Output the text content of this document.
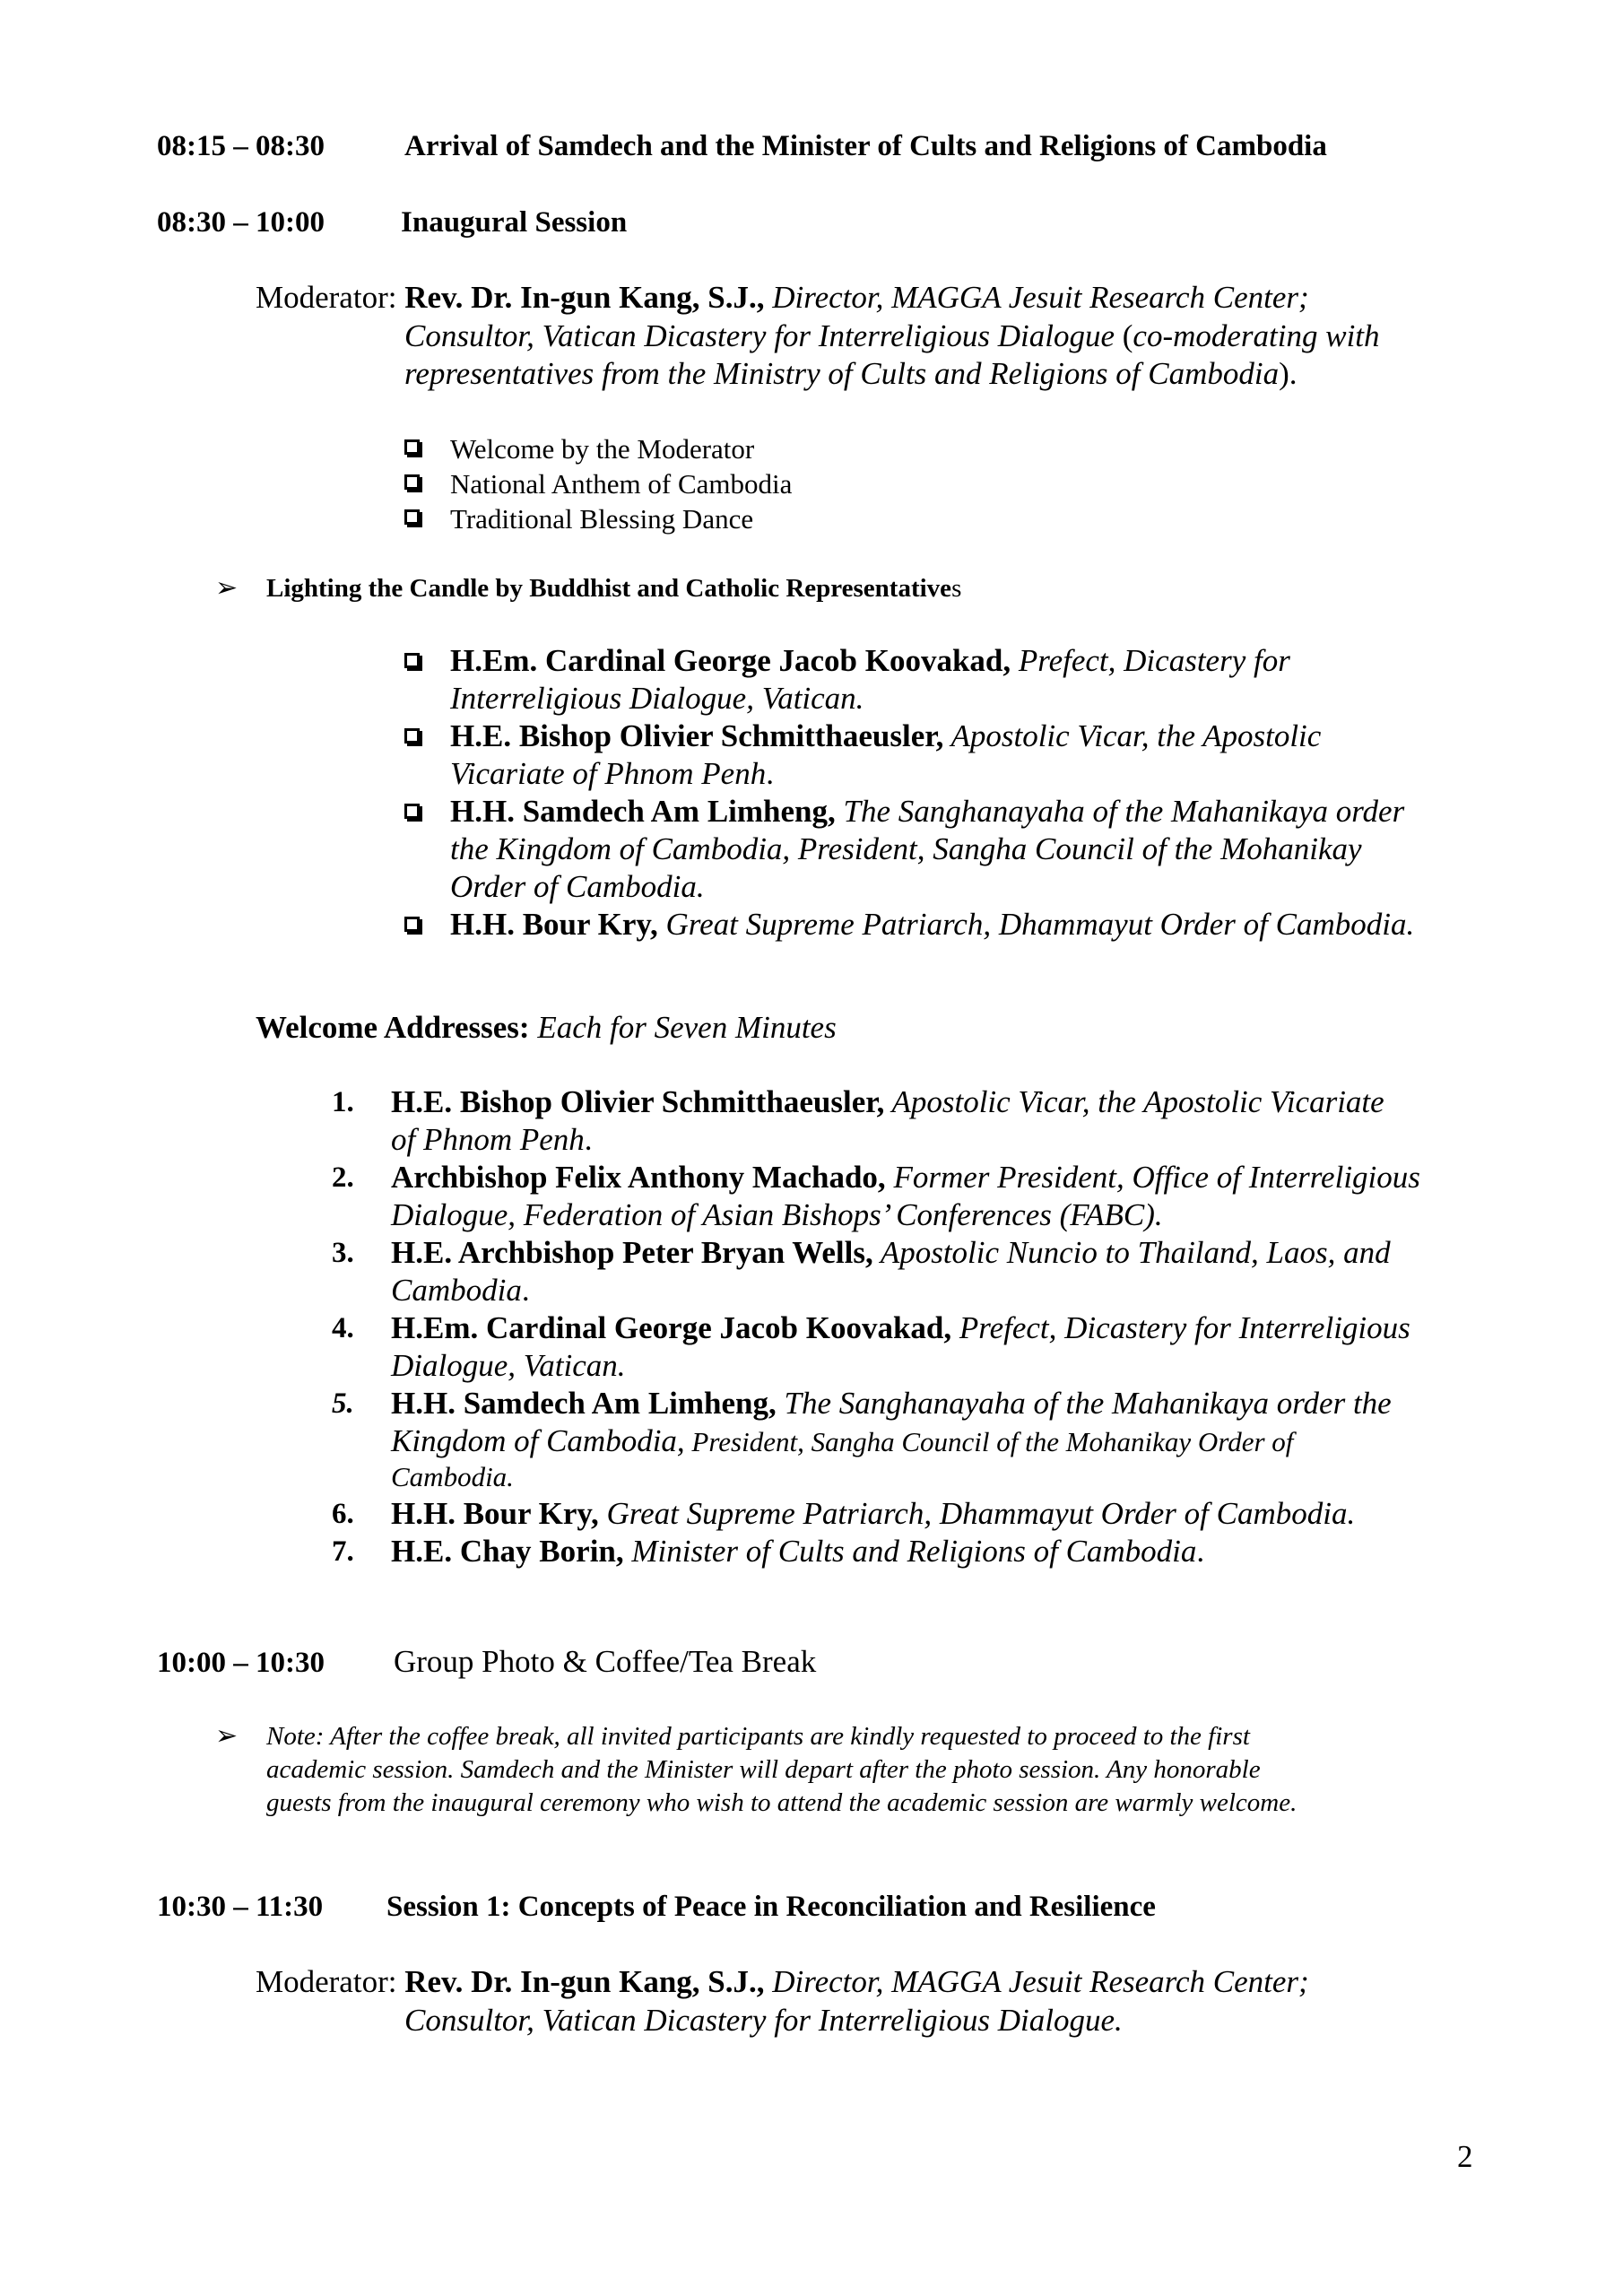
08:15 – 08:30	Arrival of Samdech and the Minister of Cults and Religions of Cambodia
08:30 – 10:00	Inaugural Session
Moderator: Rev. Dr. In-gun Kang, S.J., Director, MAGGA Jesuit Research Center;
Consultor, Vatican Dicastery for Interreligious Dialogue (co-moderating with
representatives from the Ministry of Cults and Religions of Cambodia).
Welcome by the Moderator
National Anthem of Cambodia
Traditional Blessing Dance
➢ Lighting the Candle by Buddhist and Catholic Representatives
H.Em. Cardinal George Jacob Koovakad, Prefect, Dicastery for
Interreligious Dialogue, Vatican.
H.E. Bishop Olivier Schmitthaeusler, Apostolic Vicar, the Apostolic
Vicariate of Phnom Penh.
H.H. Samdech Am Limheng, The Sanghanayaha of the Mahanikaya order
the Kingdom of Cambodia, President, Sangha Council of the Mohanikay
Order of Cambodia.
H.H. Bour Kry, Great Supreme Patriarch, Dhammayut Order of Cambodia.
Welcome Addresses: Each for Seven Minutes
1. H.E. Bishop Olivier Schmitthaeusler, Apostolic Vicar, the Apostolic Vicariate
of Phnom Penh.
2. Archbishop Felix Anthony Machado, Former President, Office of Interreligious
Dialogue, Federation of Asian Bishops’ Conferences (FABC).
3. H.E. Archbishop Peter Bryan Wells, Apostolic Nuncio to Thailand, Laos, and
Cambodia.
4. H.Em. Cardinal George Jacob Koovakad, Prefect, Dicastery for Interreligious
Dialogue, Vatican.
5. H.H. Samdech Am Limheng, The Sanghanayaha of the Mahanikaya order the
Kingdom of Cambodia, President, Sangha Council of the Mohanikay Order of
Cambodia.
6. H.H. Bour Kry, Great Supreme Patriarch, Dhammayut Order of Cambodia.
7. H.E. Chay Borin, Minister of Cults and Religions of Cambodia.
10:00 – 10:30 Group Photo & Coffee/Tea Break
➢ Note: After the coffee break, all invited participants are kindly requested to proceed to the first
academic session. Samdech and the Minister will depart after the photo session. Any honorable
guests from the inaugural ceremony who wish to attend the academic session are warmly welcome.
10:30 – 11:30 Session 1: Concepts of Peace in Reconciliation and Resilience
Moderator: Rev. Dr. In-gun Kang, S.J., Director, MAGGA Jesuit Research Center;
Consultor, Vatican Dicastery for Interreligious Dialogue.
2
